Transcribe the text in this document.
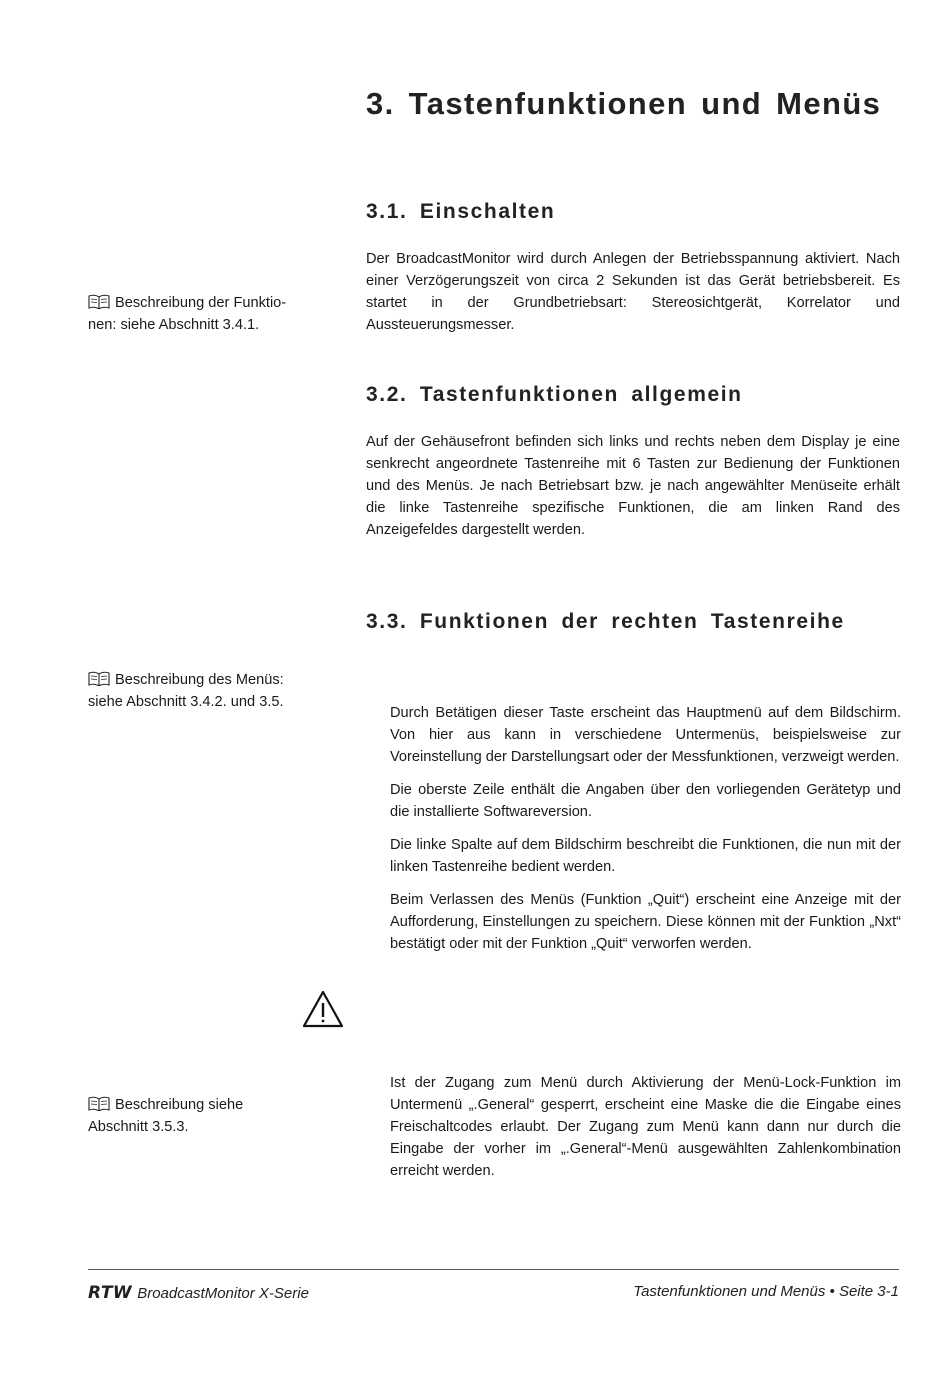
3. Tastenfunktionen und Menüs
3.1. Einschalten

Der BroadcastMonitor wird durch Anlegen der Betriebsspannung aktiviert. Nach einer Verzögerungszeit von circa 2 Sekunden ist das Gerät betriebsbereit. Es startet in der Grundbetriebsart: Stereosichtgerät, Korrelator und Aussteuerungsmesser.

Beschreibung der Funktio-
nen: siehe Abschnitt 3.4.1.
3.2. Tastenfunktionen allgemein

Auf der Gehäusefront befinden sich links und rechts neben dem Display je eine senkrecht angeordnete Tastenreihe mit 6 Tasten zur Bedienung der Funktionen und des Menüs. Je nach Betriebsart bzw. je nach angewählter Menüseite erhält die linke Tastenreihe spezifische Funktionen, die am linken Rand des Anzeigefeldes dargestellt werden.

3.3. Funktionen der rechten Tastenreihe
Beschreibung des Menüs:
siehe Abschnitt 3.4.2. und 3.5.

Durch Betätigen dieser Taste erscheint das Hauptmenü auf dem Bildschirm. Von hier aus kann in verschiedene Untermenüs, beispielsweise zur Voreinstellung der Darstellungsart oder der Messfunktionen, verzweigt werden.

Die oberste Zeile enthält die Angaben über den vorliegenden Gerätetyp und die installierte Softwareversion.

Die linke Spalte auf dem Bildschirm beschreibt die Funktionen, die nun mit der linken Tastenreihe bedient werden.

Beim Verlassen des Menüs (Funktion „Quit“) erscheint eine Anzeige mit der Aufforderung, Einstellungen zu speichern. Diese können mit der Funktion „Nxt“ bestätigt oder mit der Funktion „Quit“ verworfen werden.

Beschreibung siehe
Abschnitt 3.5.3.

Ist der Zugang zum Menü durch Aktivierung der Menü-Lock-Funktion im Untermenü „.General“ gesperrt, erscheint eine Maske die die Eingabe eines Freischaltcodes erlaubt. Der Zugang zum Menü kann dann nur durch die Eingabe der vorher im „.General“-Menü ausgewählten Zahlenkombination erreicht werden.

RTW BroadcastMonitor X-Serie	Tastenfunktionen und Menüs • Seite 3-1
